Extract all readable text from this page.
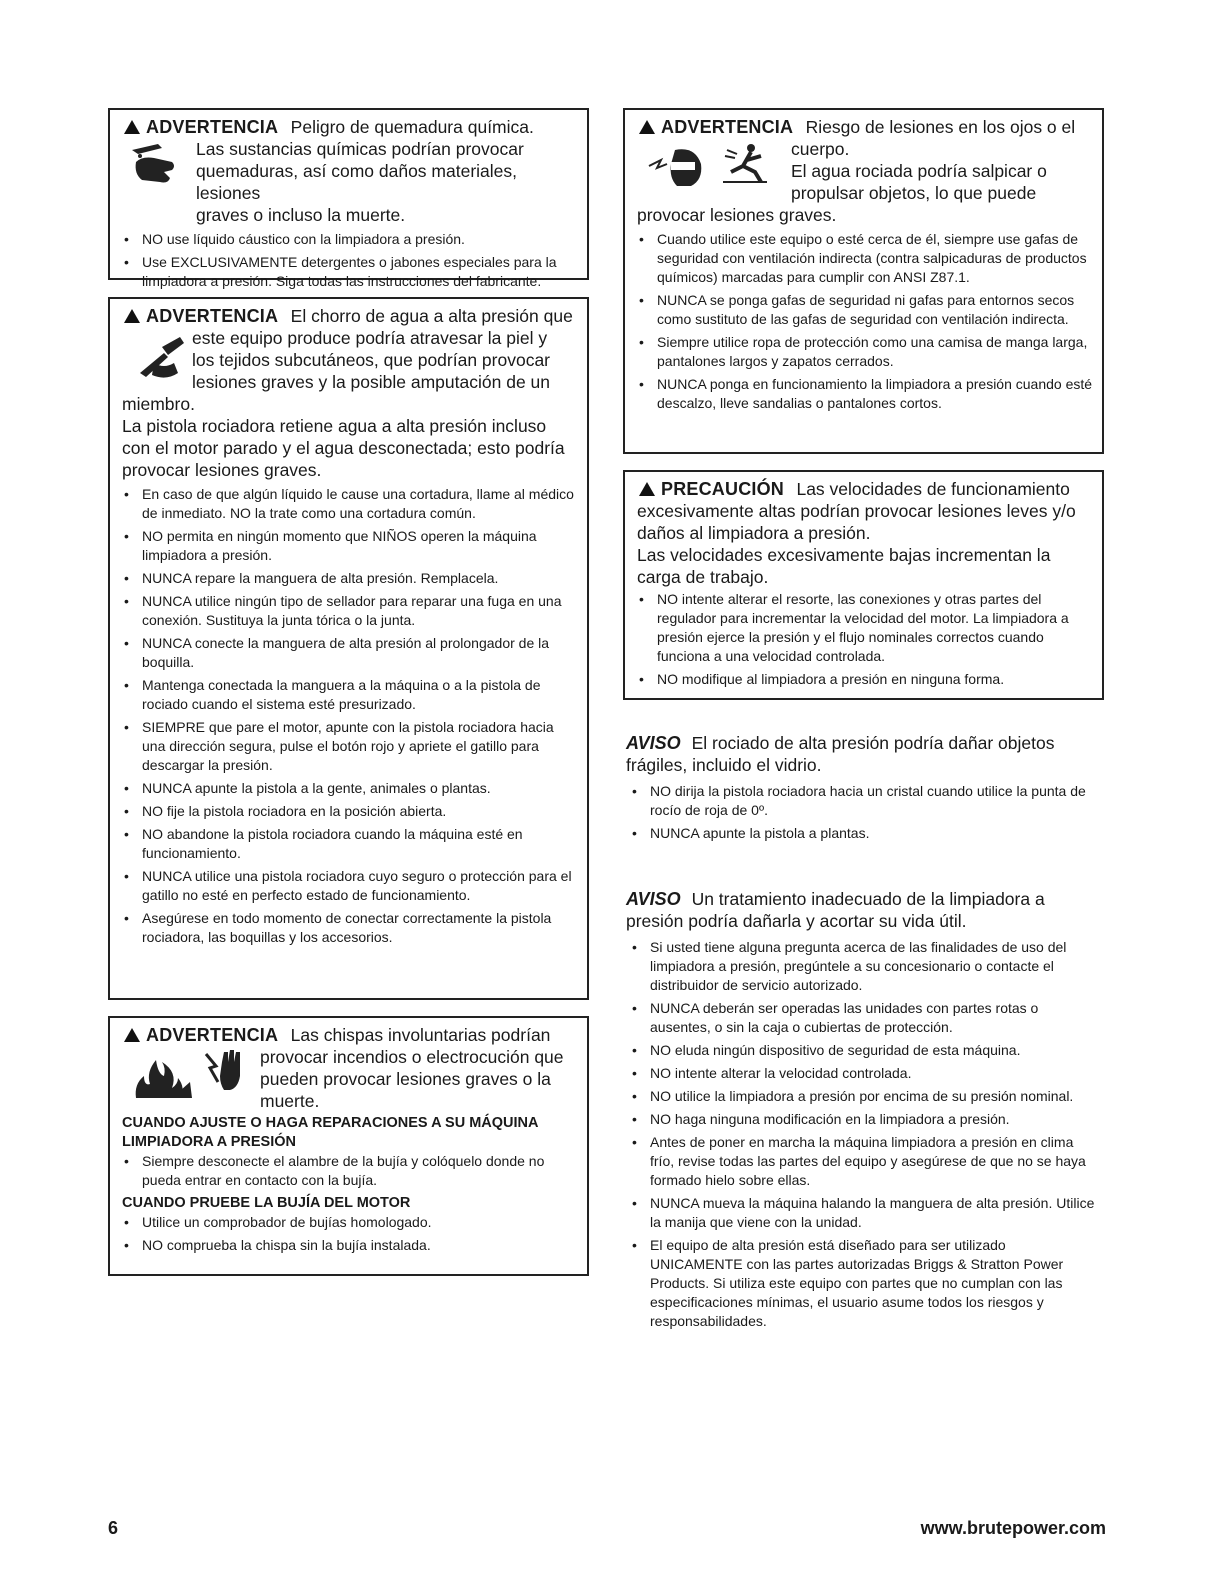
ADVERTENCIA Peligro de quemadura química.
Las sustancias químicas podrían provocar
quemaduras, así como daños materiales, lesiones
graves o incluso la muerte.
• NO use líquido cáustico con la limpiadora a presión.
• Use EXCLUSIVAMENTE detergentes o jabones especiales para la limpiadora a presión. Siga todas las instrucciones del fabricante.
ADVERTENCIA El chorro de agua a alta presión que
este equipo produce podría atravesar la piel y
los tejidos subcutáneos, que podrían provocar
lesiones graves y la posible amputación de un
miembro.
La pistola rociadora retiene agua a alta presión incluso con el motor parado y el agua desconectada; esto podría provocar lesiones graves.
• En caso de que algún líquido le cause una cortadura, llame al médico de inmediato. NO la trate como una cortadura común.
• NO permita en ningún momento que NIÑOS operen la máquina limpiadora a presión.
• NUNCA repare la manguera de alta presión. Remplacela.
• NUNCA utilice ningún tipo de sellador para reparar una fuga en una conexión. Sustituya la junta tórica o la junta.
• NUNCA conecte la manguera de alta presión al prolongador de la boquilla.
• Mantenga conectada la manguera a la máquina o a la pistola de rociado cuando el sistema esté presurizado.
• SIEMPRE que pare el motor, apunte con la pistola rociadora hacia una dirección segura, pulse el botón rojo y apriete el gatillo para descargar la presión.
• NUNCA apunte la pistola a la gente, animales o plantas.
• NO fije la pistola rociadora en la posición abierta.
• NO abandone la pistola rociadora cuando la máquina esté en funcionamiento.
• NUNCA utilice una pistola rociadora cuyo seguro o protección para el gatillo no esté en perfecto estado de funcionamiento.
• Asegúrese en todo momento de conectar correctamente la pistola rociadora, las boquillas y los accesorios.
ADVERTENCIA Las chispas involuntarias podrían
provocar incendios o electrocución que
pueden provocar lesiones graves o la
muerte.
CUANDO AJUSTE O HAGA REPARACIONES A SU MÁQUINA LIMPIADORA A PRESIÓN
• Siempre desconecte el alambre de la bujía y colóquelo donde no pueda entrar en contacto con la bujía.
CUANDO PRUEBE LA BUJÍA DEL MOTOR
• Utilice un comprobador de bujías homologado.
• NO comprueba la chispa sin la bujía instalada.
ADVERTENCIA Riesgo de lesiones en los ojos o el
cuerpo.
El agua rociada podría salpicar o
propulsar objetos, lo que puede
provocar lesiones graves.
• Cuando utilice este equipo o esté cerca de él, siempre use gafas de seguridad con ventilación indirecta (contra salpicaduras de productos químicos) marcadas para cumplir con ANSI Z87.1.
• NUNCA se ponga gafas de seguridad ni gafas para entornos secos como sustituto de las gafas de seguridad con ventilación indirecta.
• Siempre utilice ropa de protección como una camisa de manga larga, pantalones largos y zapatos cerrados.
• NUNCA ponga en funcionamiento la limpiadora a presión cuando esté descalzo, lleve sandalias o pantalones cortos.
PRECAUCIÓN Las velocidades de funcionamiento
excesivamente altas podrían provocar lesiones leves y/o daños al limpiadora a presión.
Las velocidades excesivamente bajas incrementan la carga de trabajo.
• NO intente alterar el resorte, las conexiones y otras partes del regulador para incrementar la velocidad del motor. La limpiadora a presión ejerce la presión y el flujo nominales correctos cuando funciona a una velocidad controlada.
• NO modifique al limpiadora a presión en ninguna forma.
AVISO El rociado de alta presión podría dañar objetos frágiles, incluido el vidrio.
• NO dirija la pistola rociadora hacia un cristal cuando utilice la punta de rocío de roja de 0º.
• NUNCA apunte la pistola a plantas.
AVISO Un tratamiento inadecuado de la limpiadora a presión podría dañarla y acortar su vida útil.
• Si usted tiene alguna pregunta acerca de las finalidades de uso del limpiadora a presión, pregúntele a su concesionario o contacte el distribuidor de servicio autorizado.
• NUNCA deberán ser operadas las unidades con partes rotas o ausentes, o sin la caja o cubiertas de protección.
• NO eluda ningún dispositivo de seguridad de esta máquina.
• NO intente alterar la velocidad controlada.
• NO utilice la limpiadora a presión por encima de su presión nominal.
• NO haga ninguna modificación en la limpiadora a presión.
• Antes de poner en marcha la máquina limpiadora a presión en clima frío, revise todas las partes del equipo y asegúrese de que no se haya formado hielo sobre ellas.
• NUNCA mueva la máquina halando la manguera de alta presión. Utilice la manija que viene con la unidad.
• El equipo de alta presión está diseñado para ser utilizado UNICAMENTE con las partes autorizadas Briggs & Stratton Power Products. Si utiliza este equipo con partes que no cumplan con las especificaciones mínimas, el usuario asume todos los riesgos y responsabilidades.
6	www.brutepower.com
